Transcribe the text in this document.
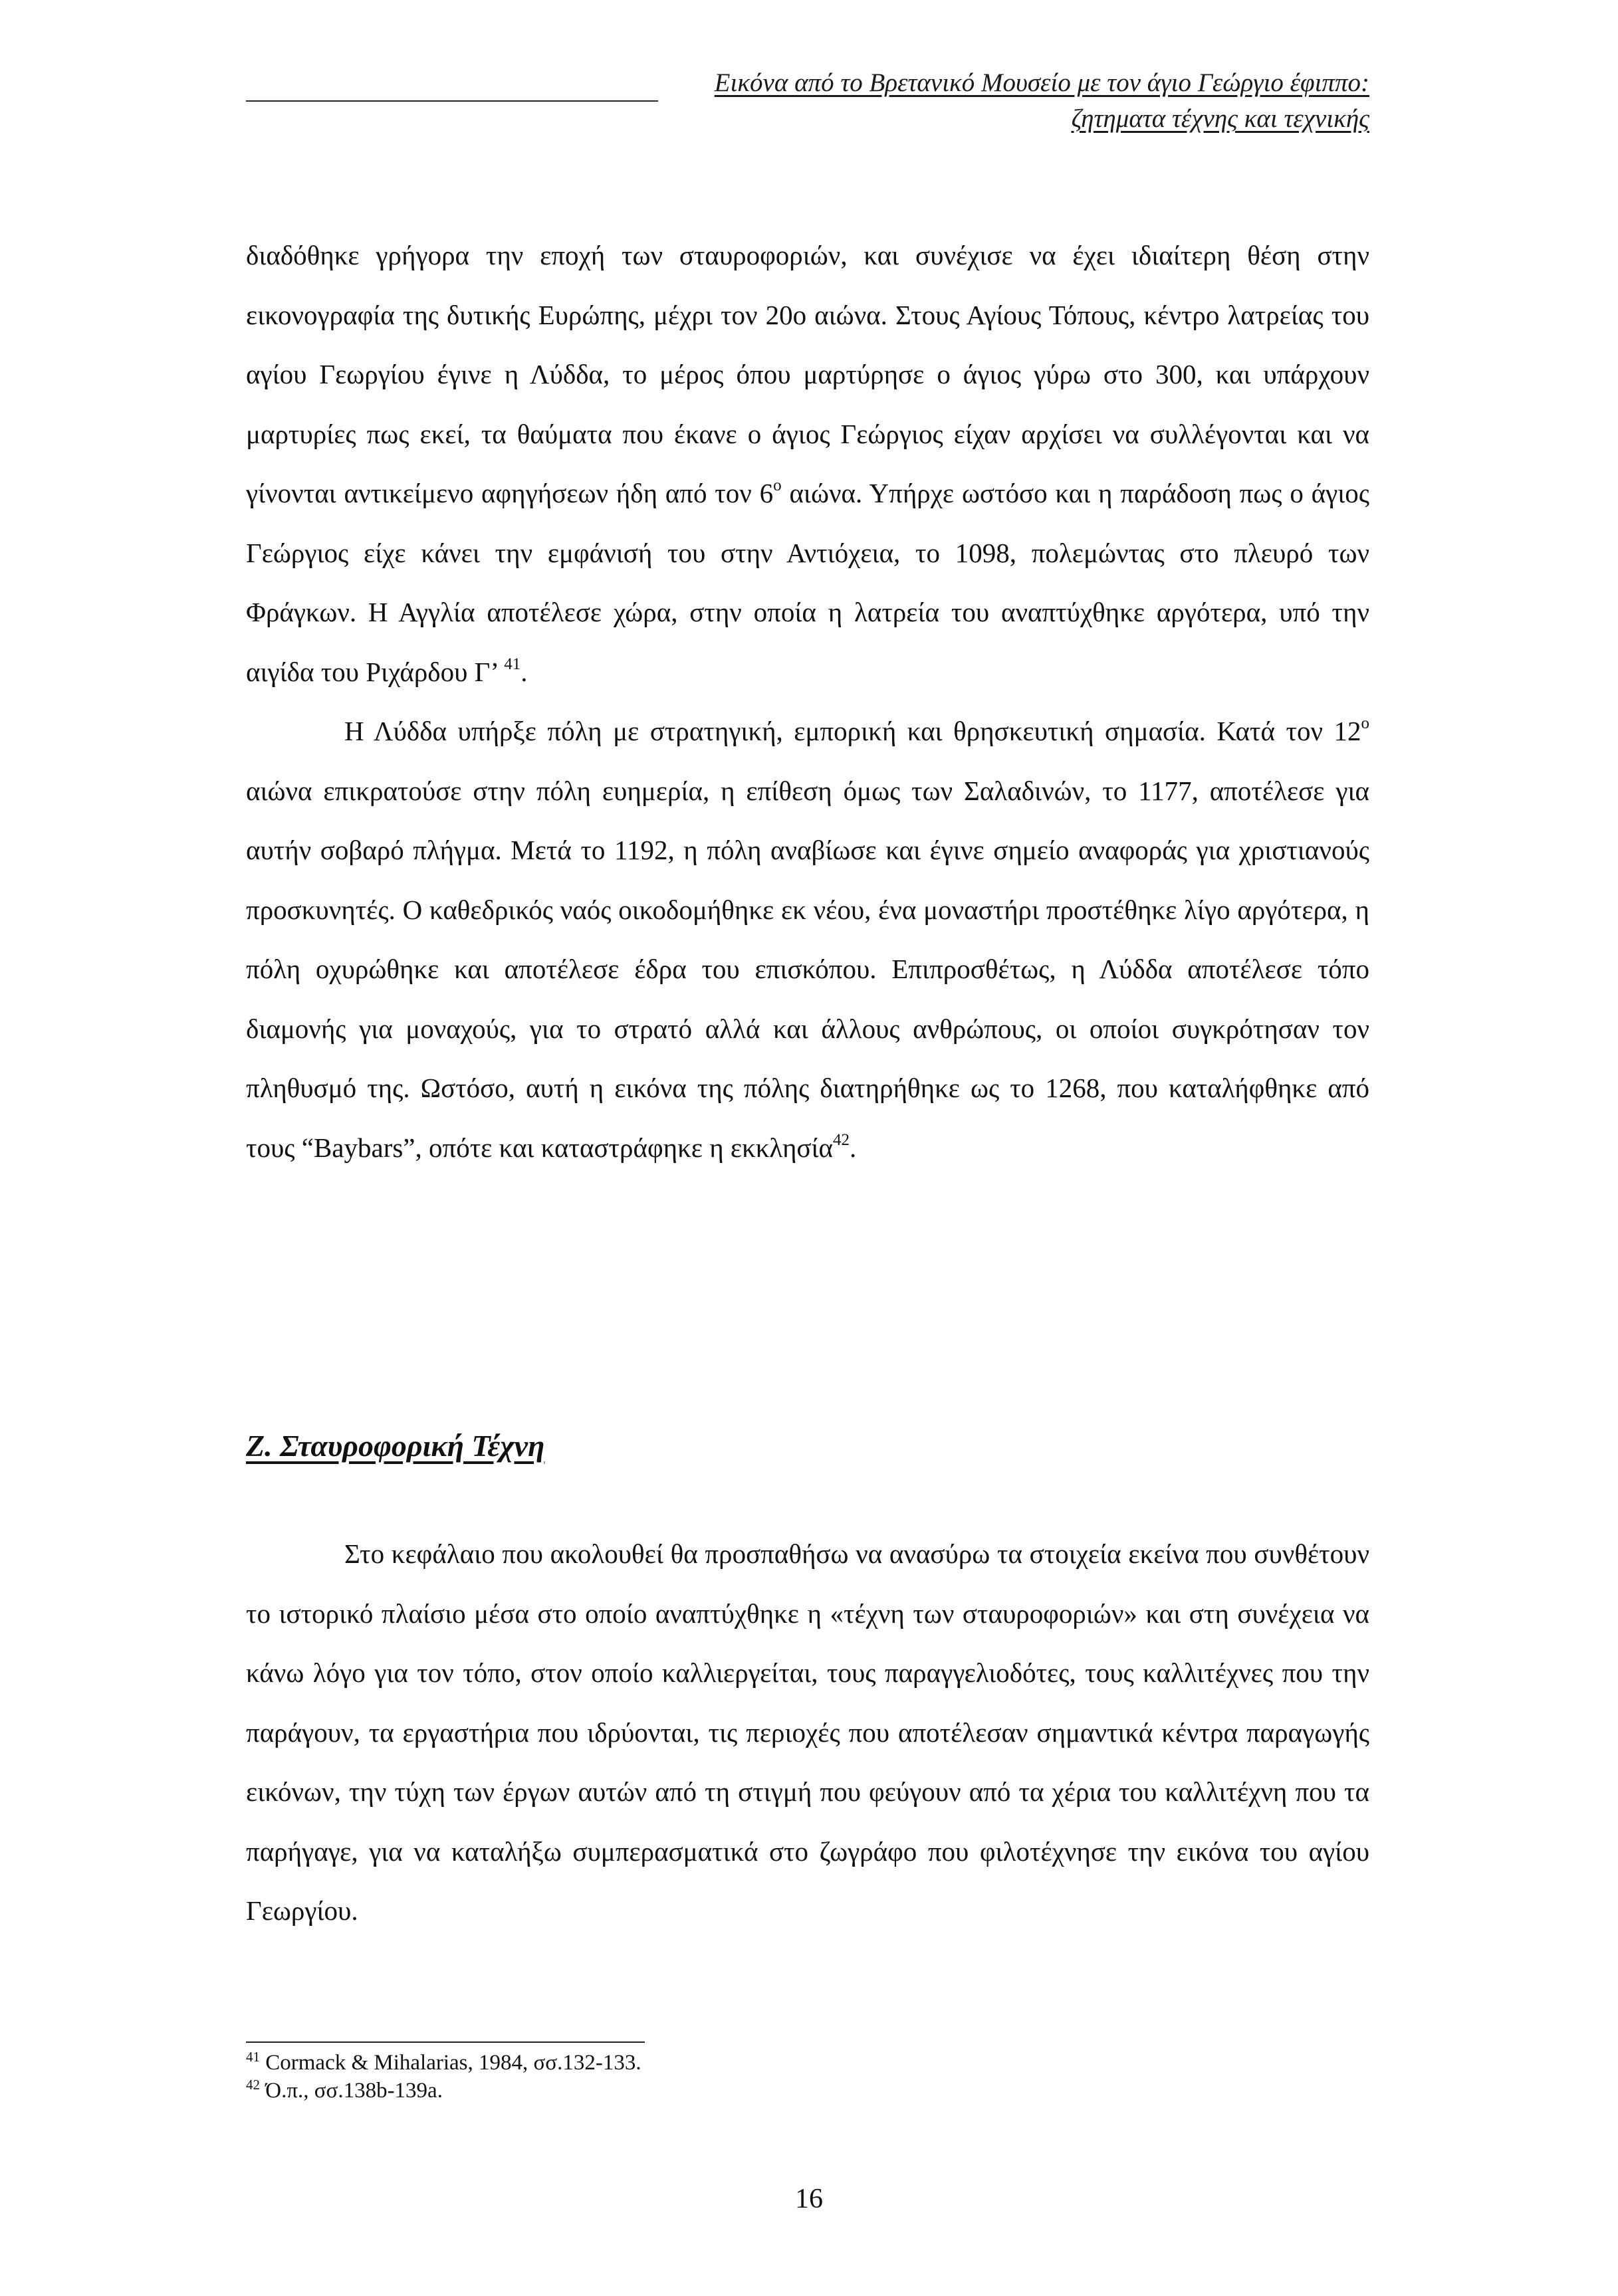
Εικόνα από το Βρετανικό Μουσείο με τον άγιο Γεώργιο έφιππο:
ζητηματα τέχνης και τεχνικής

διαδόθηκε γρήγορα την εποχή των σταυροφοριών, και συνέχισε να έχει ιδιαίτερη θέση στην εικονογραφία της δυτικής Ευρώπης, μέχρι τον 20ο αιώνα. Στους Αγίους Τόπους, κέντρο λατρείας του αγίου Γεωργίου έγινε η Λύδδα, το μέρος όπου μαρτύρησε ο άγιος γύρω στο 300, και υπάρχουν μαρτυρίες πως εκεί, τα θαύματα που έκανε ο άγιος Γεώργιος είχαν αρχίσει να συλλέγονται και να γίνονται αντικείμενο αφηγήσεων ήδη από τον $6^o$ αιώνα. Υπήρχε ωστόσο και η παράδοση πως ο άγιος Γεώργιος είχε κάνει την εμφάνισή του στην Αντιόχεια, το 1098, πολεμώντας στο πλευρό των Φράγκων. Η Αγγλία αποτέλεσε χώρα, στην οποία η λατρεία του αναπτύχθηκε αργότερα, υπό την αιγίδα του Ριχάρδου Γ’ $^{41}$.

Η Λύδδα υπήρξε πόλη με στρατηγική, εμπορική και θρησκευτική σημασία. Κατά τον $12^o$ αιώνα επικρατούσε στην πόλη ευημερία, η επίθεση όμως των Σαλαδινών, το 1177, αποτέλεσε για αυτήν σοβαρό πλήγμα. Μετά το 1192, η πόλη αναβίωσε και έγινε σημείο αναφοράς για χριστιανούς προσκυνητές. Ο καθεδρικός ναός οικοδομήθηκε εκ νέου, ένα μοναστήρι προστέθηκε λίγο αργότερα, η πόλη οχυρώθηκε και αποτέλεσε έδρα του επισκόπου. Επιπροσθέτως, η Λύδδα αποτέλεσε τόπο διαμονής για μοναχούς, για το στρατό αλλά και άλλους ανθρώπους, οι οποίοι συγκρότησαν τον πληθυσμό της. Ωστόσο, αυτή η εικόνα της πόλης διατηρήθηκε ως το 1268, που καταλήφθηκε από τους “Baybars”, οπότε και καταστράφηκε η εκκλησία$^{42}$.

Ζ. Σταυροφορική Τέχνη

Στο κεφάλαιο που ακολουθεί θα προσπαθήσω να ανασύρω τα στοιχεία εκείνα που συνθέτουν το ιστορικό πλαίσιο μέσα στο οποίο αναπτύχθηκε η «τέχνη των σταυροφοριών» και στη συνέχεια να κάνω λόγο για τον τόπο, στον οποίο καλλιεργείται, τους παραγγελιοδότες, τους καλλιτέχνες που την παράγουν, τα εργαστήρια που ιδρύονται, τις περιοχές που αποτέλεσαν σημαντικά κέντρα παραγωγής εικόνων, την τύχη των έργων αυτών από τη στιγμή που φεύγουν από τα χέρια του καλλιτέχνη που τα παρήγαγε, για να καταλήξω συμπερασματικά στο ζωγράφο που φιλοτέχνησε την εικόνα του αγίου Γεωργίου.

$^{41}$ Cormack & Mihalarias, 1984, σσ.132-133.

$^{42}$ Ό.π., σσ.138b-139a.

16
